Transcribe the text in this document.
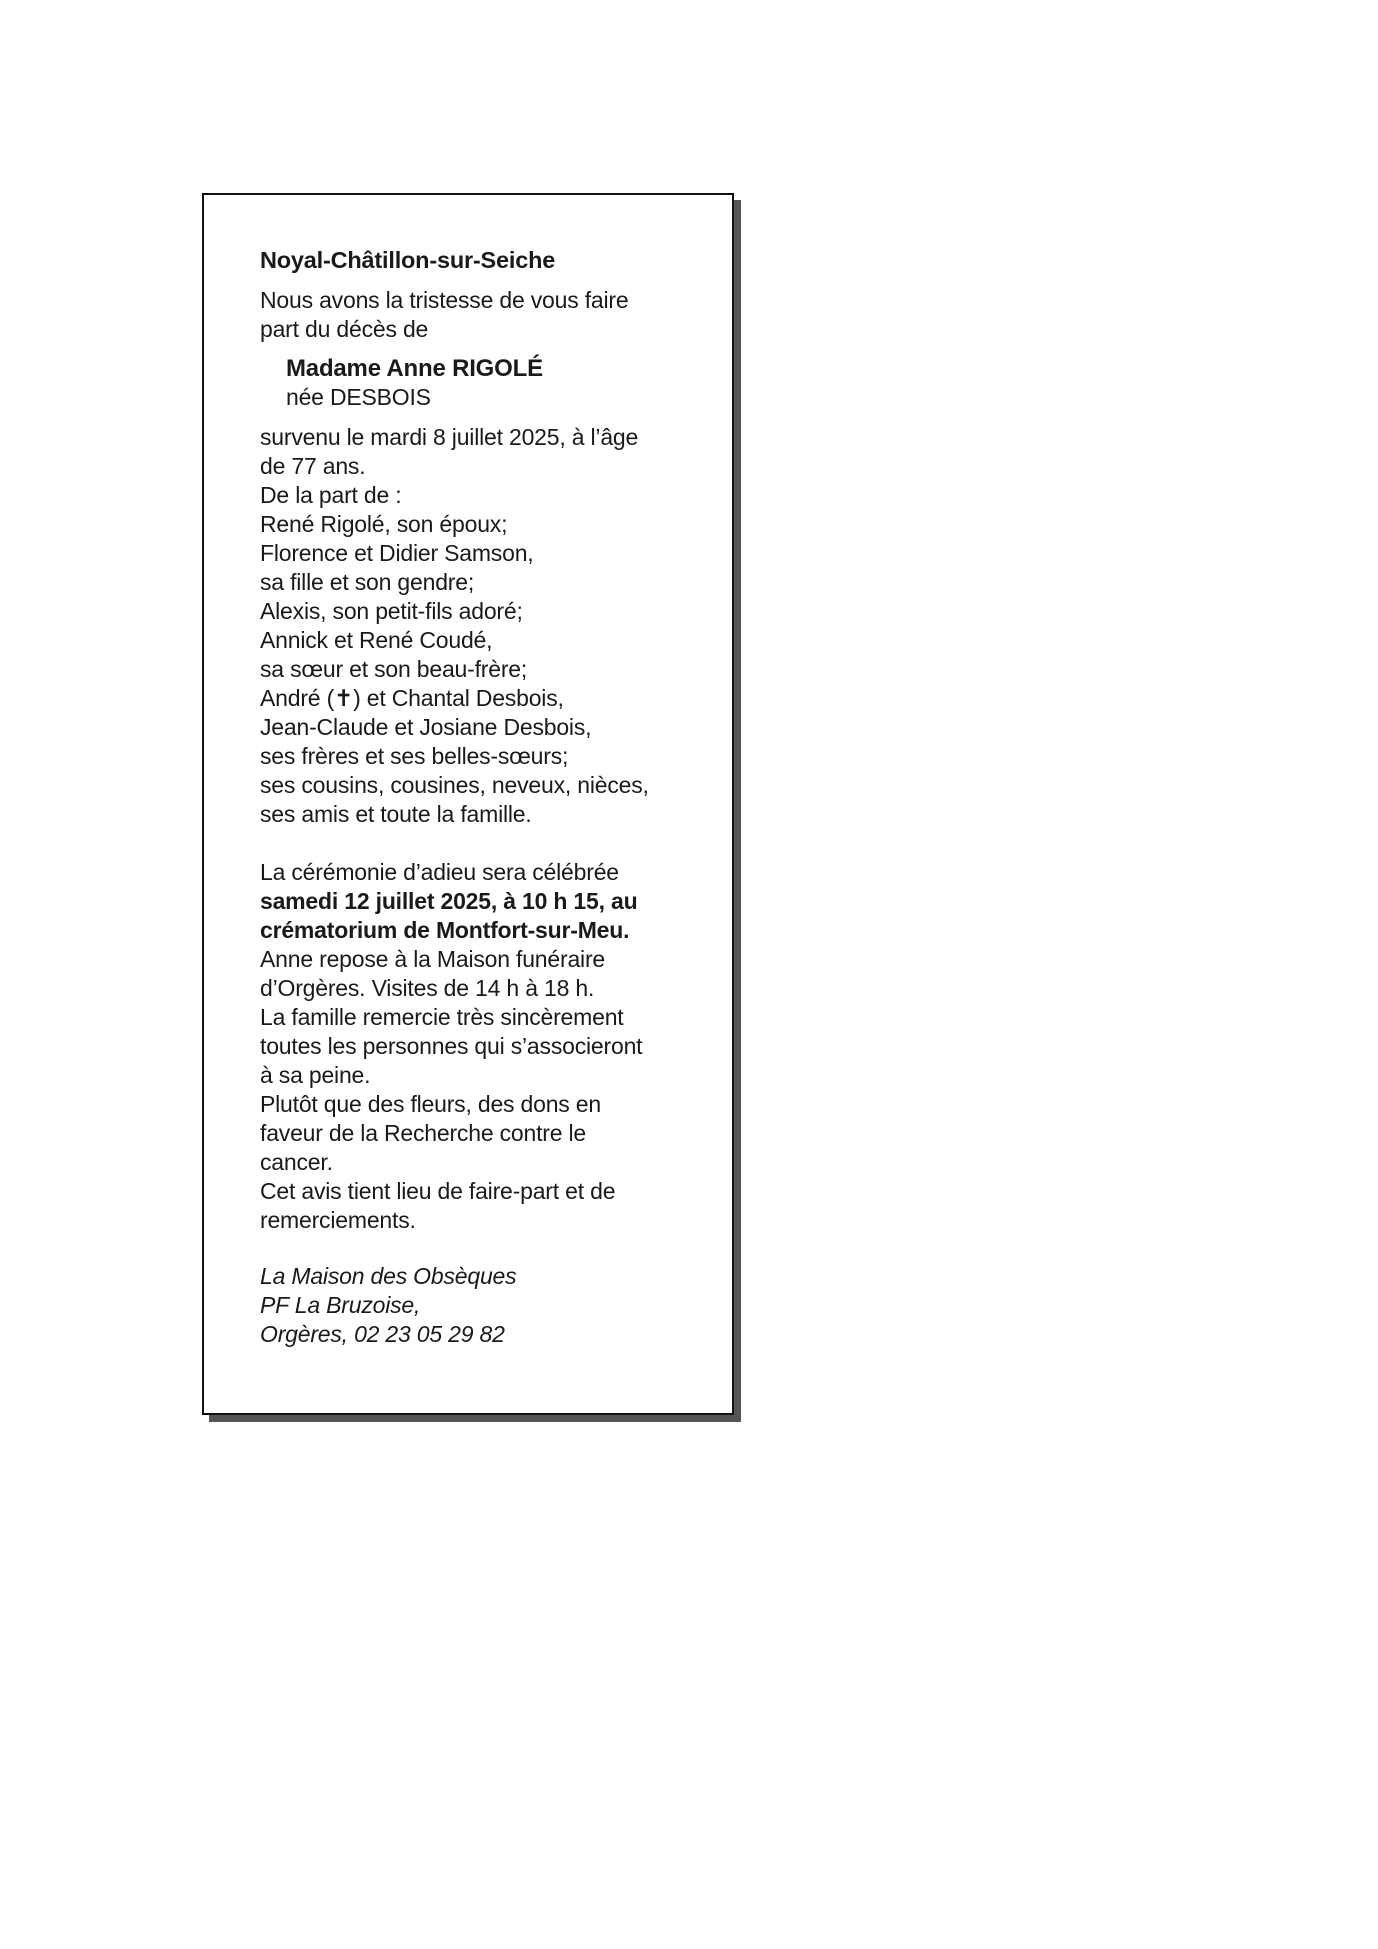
Noyal-Châtillon-sur-Seiche
Nous avons la tristesse de vous faire
part du décès de
Madame Anne RIGOLÉ
née DESBOIS
survenu le mardi 8 juillet 2025, à l’âge
de 77 ans.
De la part de :
René Rigolé, son époux;
Florence et Didier Samson,
sa fille et son gendre;
Alexis, son petit-fils adoré;
Annick et René Coudé,
sa sœur et son beau-frère;
André (✝) et Chantal Desbois,
Jean-Claude et Josiane Desbois,
ses frères et ses belles-sœurs;
ses cousins, cousines, neveux, nièces,
ses amis et toute la famille.
La cérémonie d’adieu sera célébrée
samedi 12 juillet 2025, à 10 h 15, au
crématorium de Montfort-sur-Meu.
Anne repose à la Maison funéraire
d’Orgères. Visites de 14 h à 18 h.
La famille remercie très sincèrement
toutes les personnes qui s’associeront
à sa peine.
Plutôt que des fleurs, des dons en
faveur de la Recherche contre le
cancer.
Cet avis tient lieu de faire-part et de
remerciements.
La Maison des Obsèques
PF La Bruzoise,
Orgères, 02 23 05 29 82
